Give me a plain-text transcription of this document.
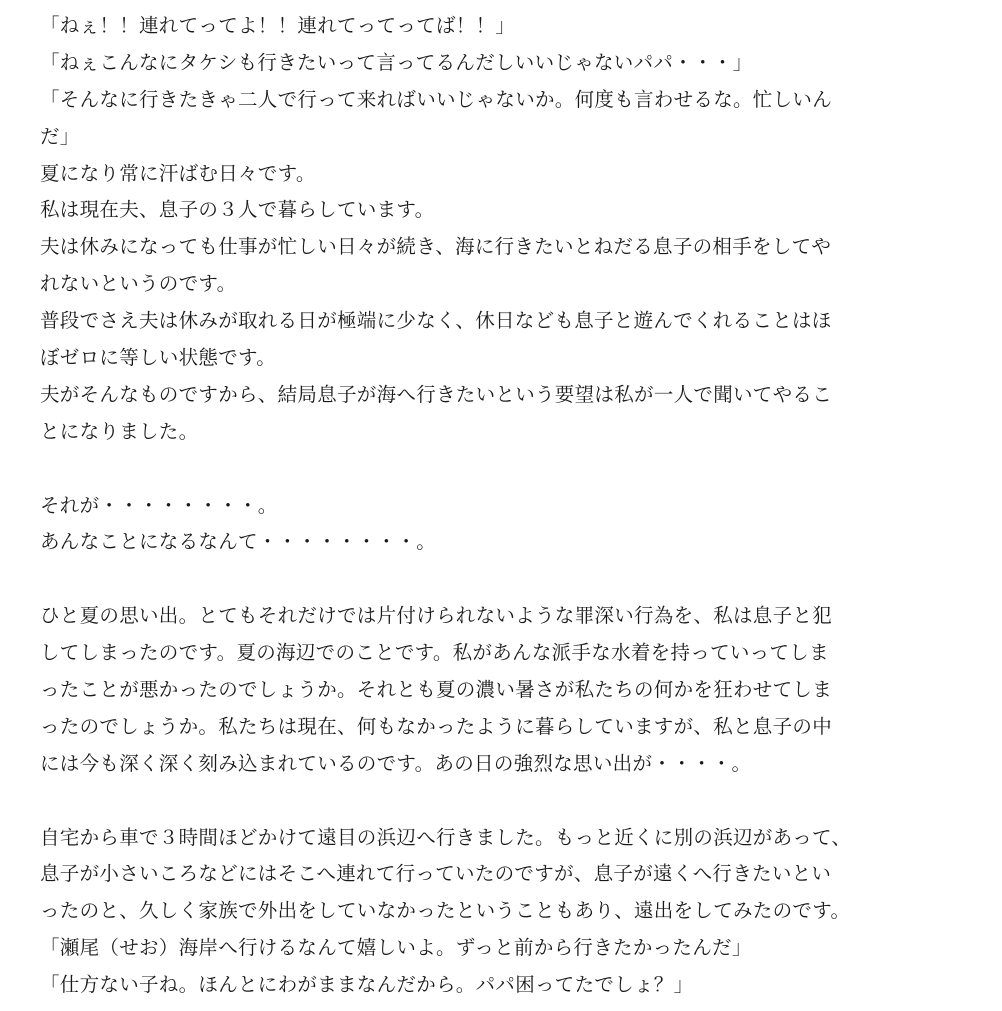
「ねぇ！！連れてってよ！！連れてってってば！！」
「ねぇこんなにタケシも行きたいって言ってるんだしいいじゃないパパ・・・」
「そんなに行きたきゃ二人で行って来ればいいじゃないか。何度も言わせるな。忙しいん
だ」
夏になり常に汗ばむ日々です。
私は現在夫、息子の３人で暮らしています。
夫は休みになっても仕事が忙しい日々が続き、海に行きたいとねだる息子の相手をしてや
れないというのです。
普段でさえ夫は休みが取れる日が極端に少なく、休日なども息子と遊んでくれることはほ
ぼゼロに等しい状態です。
夫がそんなものですから、結局息子が海へ行きたいという要望は私が一人で聞いてやるこ
とになりました。
それが・・・・・・・・。
あんなことになるなんて・・・・・・・・。
ひと夏の思い出。とてもそれだけでは片付けられないような罪深い行為を、私は息子と犯
してしまったのです。夏の海辺でのことです。私があんな派手な水着を持っていってしま
ったことが悪かったのでしょうか。それとも夏の濃い暑さが私たちの何かを狂わせてしま
ったのでしょうか。私たちは現在、何もなかったように暮らしていますが、私と息子の中
には今も深く深く刻み込まれているのです。あの日の強烈な思い出が・・・・。
自宅から車で３時間ほどかけて遠目の浜辺へ行きました。もっと近くに別の浜辺があって、
息子が小さいころなどにはそこへ連れて行っていたのですが、息子が遠くへ行きたいとい
ったのと、久しく家族で外出をしていなかったということもあり、遠出をしてみたのです。
「瀬尾（せお）海岸へ行けるなんて嬉しいよ。ずっと前から行きたかったんだ」
「仕方ない子ね。ほんとにわがままなんだから。パパ困ってたでしょ？」
